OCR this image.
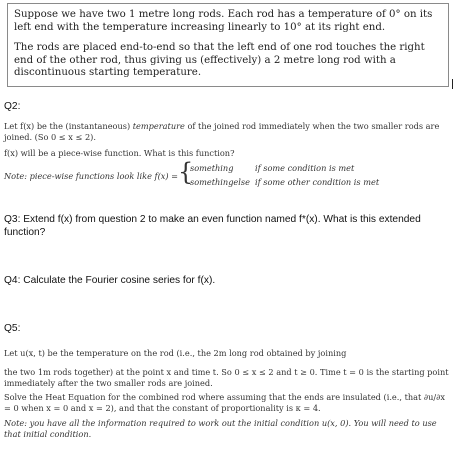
Suppose we have two 1 metre long rods. Each rod has a temperature of 0° on its left end with the temperature increasing linearly to 10° at its right end.

The rods are placed end-to-end so that the left end of one rod touches the right end of the other rod, thus giving us (effectively) a 2 metre long rod with a discontinuous starting temperature.

Q2:
Let f(x) be the (instantaneous) temperature of the joined rod immediately when the two smaller rods are joined. (So 0 ≤ x ≤ 2).
f(x) will be a piece-wise function. What is this function?
Note: piece-wise functions look like f(x) = {
something	if some condition is met
somethingelse if some other condition is met
Q3: Extend f(x) from question 2 to make an even function named f*(x). What is this extended function?
Q4: Calculate the Fourier cosine series for f(x).
Q5:
Let u(x, t) be the temperature on the rod (i.e., the 2m long rod obtained by joining
the two 1m rods together) at the point x and time t. So 0 ≤ x ≤ 2 and t ≥ 0. Time t = 0 is the starting point immediately after the two smaller rods are joined.
Solve the Heat Equation for the combined rod where assuming that the ends are insulated (i.e., that ∂u/∂x = 0 when x = 0 and x = 2), and that the constant of proportionality is κ = 4.
Note: you have all the information required to work out the initial condition u(x, 0). You will need to use that initial condition.
